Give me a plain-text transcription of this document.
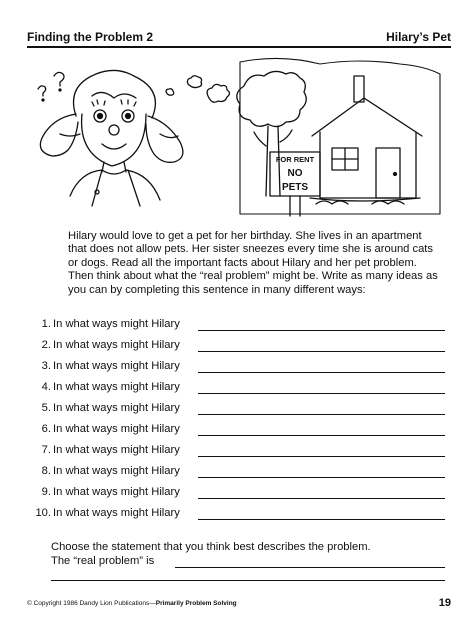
Finding the Problem 2	Hilary’s Pet
FOR RENT
NO
PETS

Hilary would love to get a pet for her birthday. She lives in an apartment that does not allow pets. Her sister sneezes every time she is around cats or dogs. Read all the important facts about Hilary and her pet problem. Then think about what the “real problem” might be. Write as many ideas as you can by completing this sentence in many different ways:

1. In what ways might Hilary
2. In what ways might Hilary
3. In what ways might Hilary
4. In what ways might Hilary
5. In what ways might Hilary
6. In what ways might Hilary
7. In what ways might Hilary
8. In what ways might Hilary
9. In what ways might Hilary
10. In what ways might Hilary
Choose the statement that you think best describes the problem.
The “real problem” is
© Copyright 1986 Dandy Lion Publications—Primarily Problem Solving	19
